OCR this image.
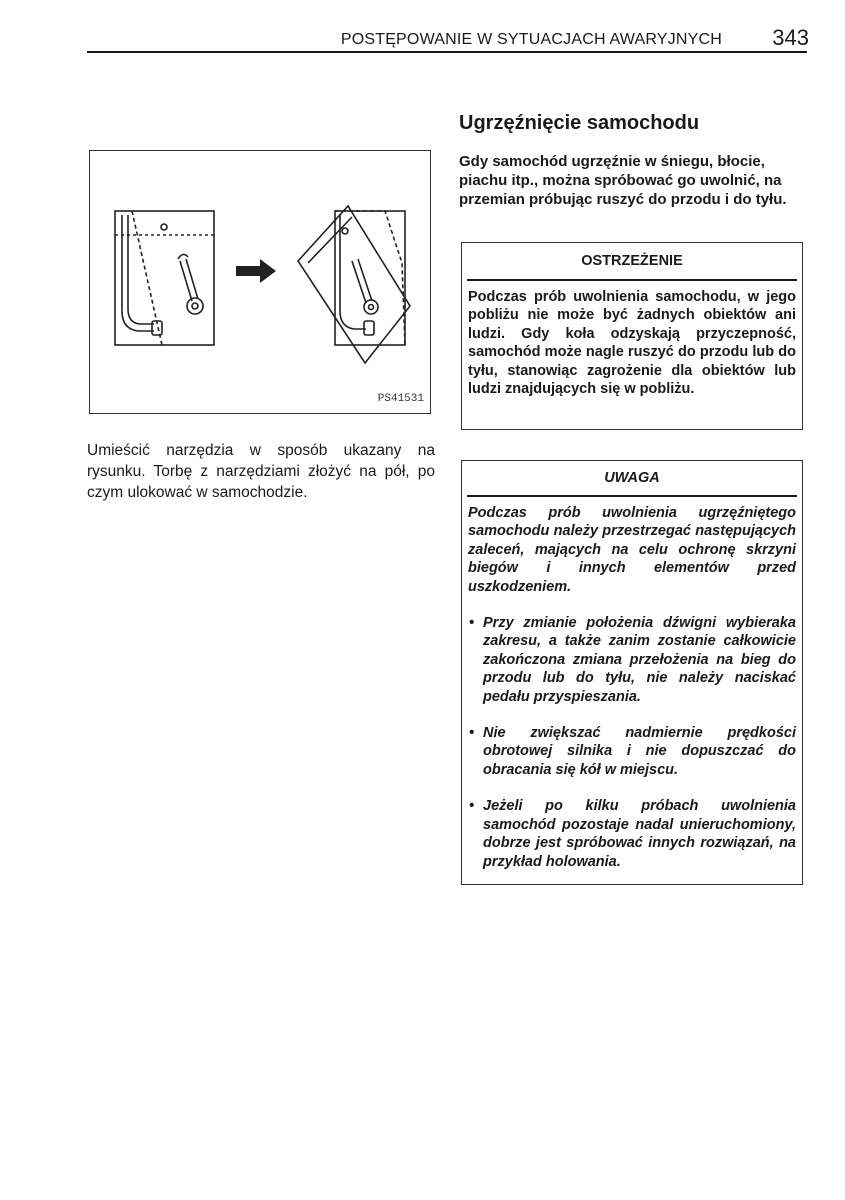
POSTĘPOWANIE W SYTUACJACH AWARYJNYCH 343
PS41531
Umieścić narzędzia w sposób ukazany na rysunku. Torbę z narzędziami złożyć na pół, po czym ulokować w samochodzie.
Ugrzęźnięcie samochodu
Gdy samochód ugrzęźnie w śniegu, błocie, piachu itp., można spróbować go uwolnić, na przemian próbując ruszyć do przodu i do tyłu.
OSTRZEŻENIE
Podczas prób uwolnienia samochodu, w jego pobliżu nie może być żadnych obiektów ani ludzi. Gdy koła odzyskają przyczepność, samochód może nagle ruszyć do przodu lub do tyłu, stanowiąc zagrożenie dla obiektów lub ludzi znajdujących się w pobliżu.
UWAGA

Podczas prób uwolnienia ugrzęźniętego samochodu należy przestrzegać następujących zaleceń, mających na celu ochronę skrzyni biegów i innych elementów przed uszkodzeniem.

• Przy zmianie położenia dźwigni wybieraka zakresu, a także zanim zostanie całkowicie zakończona zmiana przełożenia na bieg do przodu lub do tyłu, nie należy naciskać pedału przyspieszania.
• Nie zwiększać nadmiernie prędkości obrotowej silnika i nie dopuszczać do obracania się kół w miejscu.
• Jeżeli po kilku próbach uwolnienia samochód pozostaje nadal unieruchomiony, dobrze jest spróbować innych rozwiązań, na przykład holowania.
